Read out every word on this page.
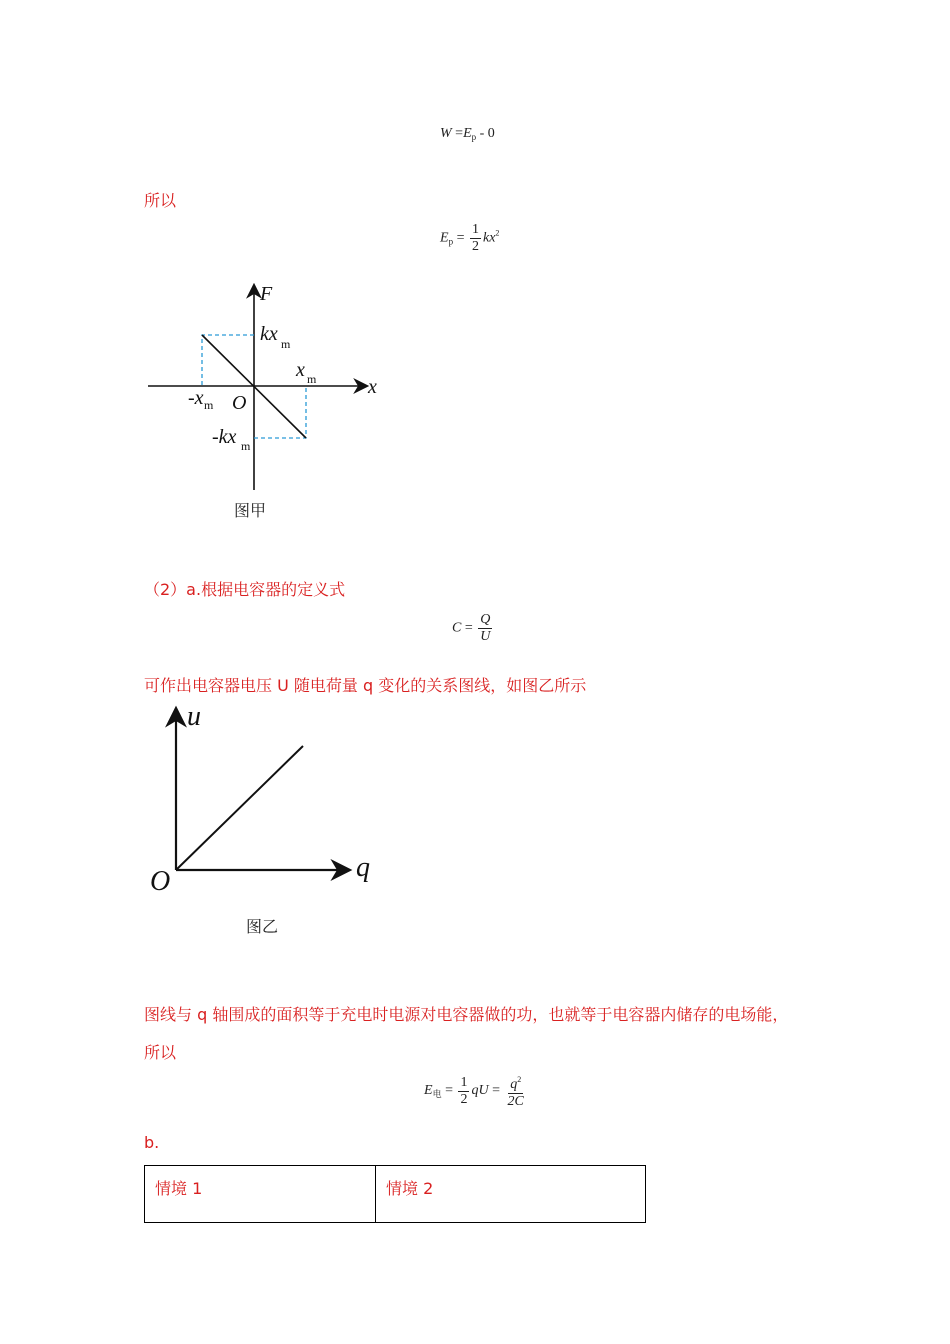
$W =E_p - 0$
所以
$E_p = \frac{1}{2} kx^2$
F
x
O
kx m
x m
-x m
-kx m
图甲
（2）a.根据电容器的定义式
$C = \frac{Q}{U}$
可作出电容器电压 U 随电荷量 q 变化的关系图线，如图乙所示
u
q
O
图乙
图线与 q 轴围成的面积等于充电时电源对电容器做的功，也就等于电容器内储存的电场能，
所以
$E_电 = \frac{1}{2}$ qU = $\frac{q^2}{2C}$
b.
情境 1	情境 2
